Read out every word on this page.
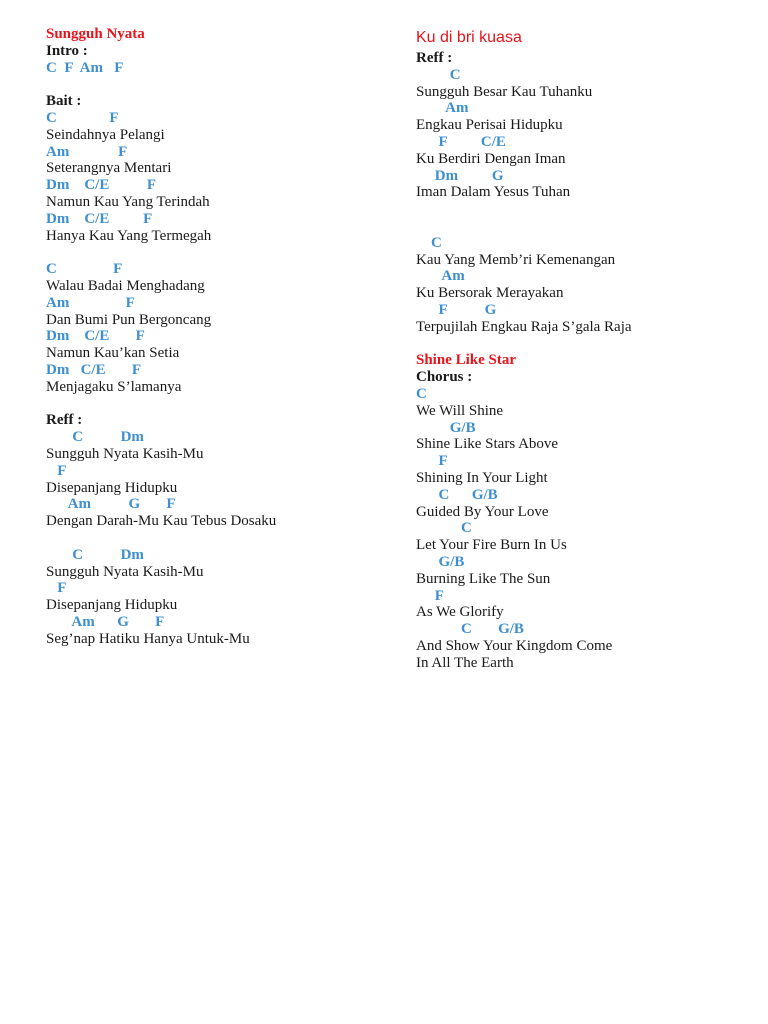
Sungguh Nyata
Intro :
C  F  Am   F
Bait :
C              F
Seindahnya Pelangi
Am             F
Seterangnya Mentari
Dm    C/E          F
Namun Kau Yang Terindah
Dm    C/E         F
Hanya Kau Yang Termegah
C               F
Walau Badai Menghadang
Am               F
Dan Bumi Pun Bergoncang
Dm    C/E       F
Namun Kau’kan Setia
Dm   C/E       F
Menjagaku S’lamanya
Reff :
C          Dm
Sungguh Nyata Kasih-Mu
F
Disepanjang Hidupku
Am          G       F
Dengan Darah-Mu Kau Tebus Dosaku
C          Dm
Sungguh Nyata Kasih-Mu
F
Disepanjang Hidupku
Am      G       F
Seg’nap Hatiku Hanya Untuk-Mu
Ku di bri kuasa
Reff :
C
Sungguh Besar Kau Tuhanku
Am
Engkau Perisai Hidupku
F         C/E
Ku Berdiri Dengan Iman
Dm         G
Iman Dalam Yesus Tuhan
C
Kau Yang Memb’ri Kemenangan
Am
Ku Bersorak Merayakan
F          G
Terpujilah Engkau Raja S’gala Raja
Shine Like Star
Chorus :
C
We Will Shine
G/B
Shine Like Stars Above
F
Shining In Your Light
C      G/B
Guided By Your Love
C
Let Your Fire Burn In Us
G/B
Burning Like The Sun
F
As We Glorify
C       G/B
And Show Your Kingdom Come
In All The Earth
